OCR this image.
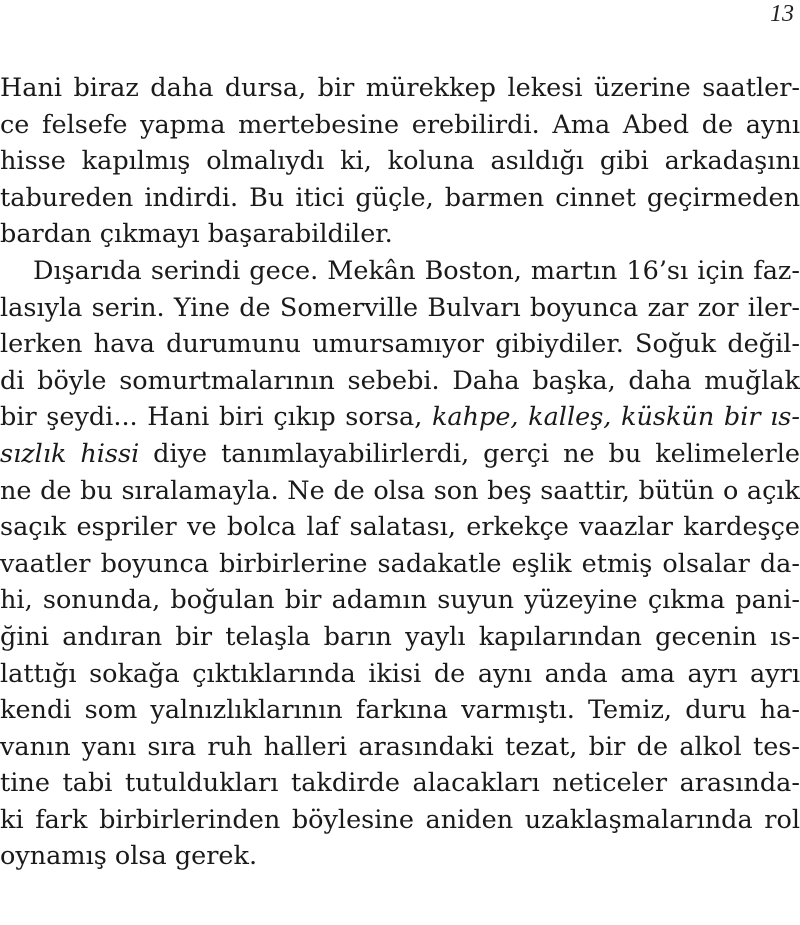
13
Hani biraz daha dursa, bir mürekkep lekesi üzerine saatler-
ce felsefe yapma mertebesine erebilirdi. Ama Abed de aynı
hisse kapılmış olmalıydı ki, koluna asıldığı gibi arkadaşını
tabureden indirdi. Bu itici güçle, barmen cinnet geçirmeden
bardan çıkmayı başarabildiler.
Dışarıda serindi gece. Mekân Boston, martın 16’sı için faz-
lasıyla serin. Yine de Somerville Bulvarı boyunca zar zor iler-
lerken hava durumunu umursamıyor gibiydiler. Soğuk değil-
di böyle somurtmalarının sebebi. Daha başka, daha muğlak
bir şeydi... Hani biri çıkıp sorsa, kahpe, kalleş, küskün bir ıs-
sızlık hissi diye tanımlayabilirlerdi, gerçi ne bu kelimelerle
ne de bu sıralamayla. Ne de olsa son beş saattir, bütün o açık
saçık espriler ve bolca laf salatası, erkekçe vaazlar kardeşçe
vaatler boyunca birbirlerine sadakatle eşlik etmiş olsalar da-
hi, sonunda, boğulan bir adamın suyun yüzeyine çıkma pani-
ğini andıran bir telaşla barın yaylı kapılarından gecenin ıs-
lattığı sokağa çıktıklarında ikisi de aynı anda ama ayrı ayrı
kendi som yalnızlıklarının farkına varmıştı. Temiz, duru ha-
vanın yanı sıra ruh halleri arasındaki tezat, bir de alkol tes-
tine tabi tutuldukları takdirde alacakları neticeler arasında-
ki fark birbirlerinden böylesine aniden uzaklaşmalarında rol
oynamış olsa gerek.
